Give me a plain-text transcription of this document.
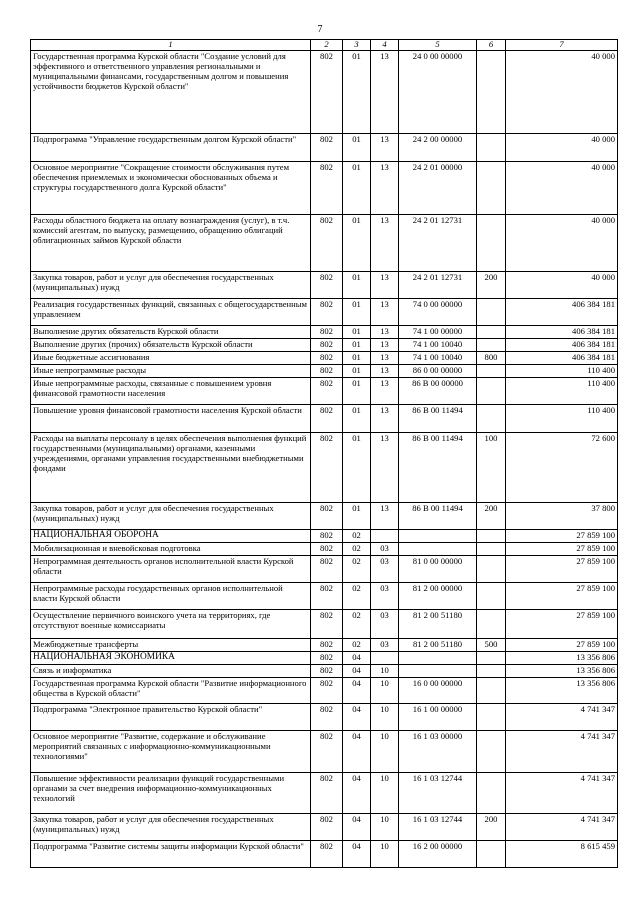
7
1	2	3	4	5	6	7
Государственная программа Курской области "Создание условий для эффективного и ответственного управления региональными и муниципальными финансами, государственным долгом и повышения устойчивости бюджетов Курской области"	802	01	13	24 0 00 00000		40 000
Подпрограмма "Управление государственным долгом Курской области"	802	01	13	24 2 00 00000		40 000
Основное мероприятие "Сокращение стоимости обслуживания путем обеспечения приемлемых и экономически обоснованных объема и структуры государственного долга Курской области"	802	01	13	24 2 01 00000		40 000
Расходы областного бюджета на оплату вознаграждения (услуг), в т.ч. комиссий агентам, по выпуску, размещению, обращению облигаций облигационных займов Курской области	802	01	13	24 2 01 12731		40 000
Закупка товаров, работ и услуг для обеспечения государственных (муниципальных) нужд	802	01	13	24 2 01 12731	200	40 000
Реализация государственных функций, связанных с общегосударственным управлением	802	01	13	74 0 00 00000		406 384 181
Выполнение других обязательств Курской области	802	01	13	74 1 00 00000		406 384 181
Выполнение других (прочих) обязательств Курской области	802	01	13	74 1 00 10040		406 384 181
Иные бюджетные ассигнования	802	01	13	74 1 00 10040	800	406 384 181
Иные непрограммные расходы	802	01	13	86 0 00 00000		110 400
Иные непрограммные расходы, связанные с повышением уровня финансовой грамотности населения	802	01	13	86 В 00 00000		110 400
Повышение уровня финансовой грамотности населения Курской области	802	01	13	86 В 00 11494		110 400
Расходы на выплаты персоналу в целях обеспечения выполнения функций государственными (муниципальными) органами, казенными учреждениями, органами управления государственными внебюджетными фондами	802	01	13	86 В 00 11494	100	72 600
Закупка товаров, работ и услуг для обеспечения государственных (муниципальных) нужд	802	01	13	86 В 00 11494	200	37 800
НАЦИОНАЛЬНАЯ ОБОРОНА	802	02				27 859 100
Мобилизационная и вневойсковая подготовка	802	02	03			27 859 100
Непрограммная деятельность органов исполнительной власти Курской области	802	02	03	81 0 00 00000		27 859 100
Непрограммные расходы государственных органов исполнительной власти Курской области	802	02	03	81 2 00 00000		27 859 100
Осуществление первичного воинского учета на территориях, где отсутствуют военные комиссариаты	802	02	03	81 2 00 51180		27 859 100
Межбюджетные трансферты	802	02	03	81 2 00 51180	500	27 859 100
НАЦИОНАЛЬНАЯ ЭКОНОМИКА	802	04				13 356 806
Связь и информатика	802	04	10			13 356 806
Государственная программа Курской области "Развитие информационного общества в Курской области"	802	04	10	16 0 00 00000		13 356 806
Подпрограмма "Электронное правительство Курской области"	802	04	10	16 1 00 00000		4 741 347
Основное мероприятие "Развитие, содержание и обслуживание мероприятий связанных с информационно-коммуникационными технологиями"	802	04	10	16 1 03 00000		4 741 347
Повышение эффективности реализации функций государственными органами за счет внедрения информационно-коммуникационных технологий	802	04	10	16 1 03 12744		4 741 347
Закупка товаров, работ и услуг для обеспечения государственных (муниципальных) нужд	802	04	10	16 1 03 12744	200	4 741 347
Подпрограмма "Развитие системы защиты информации Курской области"	802	04	10	16 2 00 00000		8 615 459
